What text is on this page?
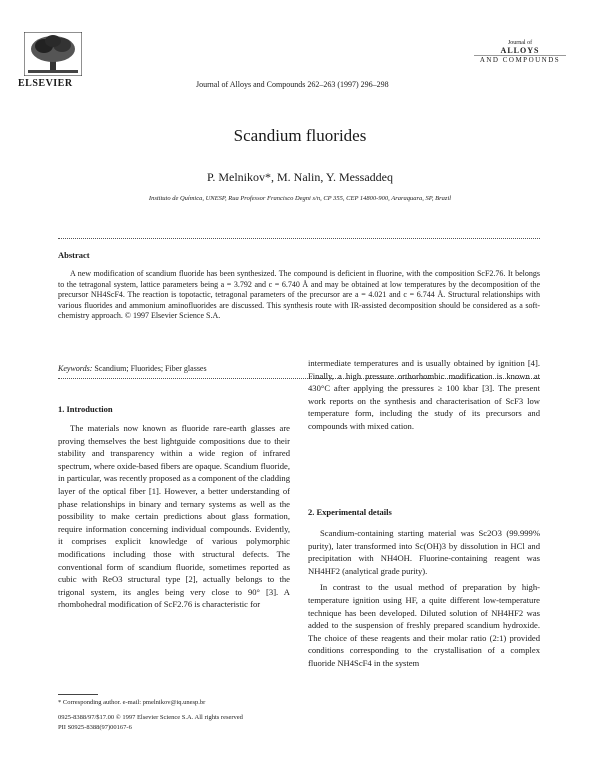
ELSEVIER	Journal of Alloys and Compounds 262–263 (1997) 296–298
Journal of
ALLOYS
AND COMPOUNDS
Scandium fluorides
P. Melnikov*, M. Nalin, Y. Messaddeq
Instituto de Química, UNESP, Rua Professor Francisco Degni s/n, CP 355, CEP 14800-900, Araraquara, SP, Brazil
Abstract

A new modification of scandium fluoride has been synthesized. The compound is deficient in fluorine, with the composition ScF2.76. It belongs to the tetragonal system, lattice parameters being a = 3.792 and c = 6.740 Å and may be obtained at low temperatures by the decomposition of the precursor NH4ScF4. The reaction is topotactic, tetragonal parameters of the precursor are a = 4.021 and c = 6.744 Å. Structural relationships with various fluorides and ammonium aminofluorides are discussed. This synthesis route with IR-assisted decomposition should be considered as a soft-chemistry approach. © 1997 Elsevier Science S.A.

Keywords: Scandium; Fluorides; Fiber glasses
1. Introduction

The materials now known as fluoride rare-earth glasses are proving themselves the best lightguide compositions due to their stability and transparency within a wide region of infrared spectrum, where oxide-based fibers are opaque. Scandium fluoride, in particular, was recently proposed as a component of the cladding layer of the optical fiber [1]. However, a better understanding of phase relationships in binary and ternary systems as well as the possibility to make certain predictions about glass formation, require information concerning individual compounds. Evidently, it comprises explicit knowledge of various polymorphic modifications including those with structural defects. The conventional form of scandium fluoride, sometimes reported as cubic with ReO3 structural type [2], actually belongs to the trigonal system, its angles being very close to 90° [3]. A rhombohedral modification of ScF2.76 is characteristic for

intermediate temperatures and is usually obtained by ignition [4]. Finally, a high pressure orthorhombic modification is known at 430°C after applying the pressures ≥ 100 kbar [3]. The present work reports on the synthesis and characterisation of ScF3 low temperature form, including the study of its precursors and compounds with mixed cation.

2. Experimental details

Scandium-containing starting material was Sc2O3 (99.999% purity), later transformed into Sc(OH)3 by dissolution in HCl and precipitation with NH4OH. Fluorine-containing reagent was NH4HF2 (analytical grade purity).

In contrast to the usual method of preparation by high-temperature ignition using HF, a quite different low-temperature technique has been developed. Diluted solution of NH4HF2 was added to the suspension of freshly prepared scandium hydroxide. The choice of these reagents and their molar ratio (2:1) provided conditions corresponding to the crystallisation of a complex fluoride NH4ScF4 in the system

* Corresponding author. e-mail: pmelnikov@iq.unesp.br
0925-8388/97/$17.00 © 1997 Elsevier Science S.A. All rights reserved
PII S0925-8388(97)00167-6
